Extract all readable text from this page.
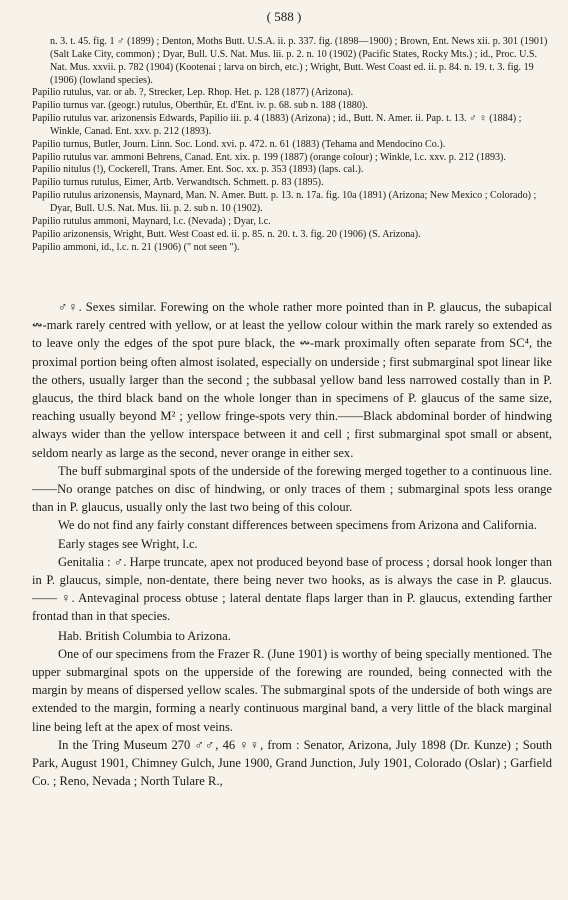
( 588 )

n. 3. t. 45. fig. 1 ♂ (1899) ; Denton, Moths Butt. U.S.A. ii. p. 337. fig. (1898—1900) ; Brown, Ent. News xii. p. 301 (1901) (Salt Lake City, common) ; Dyar, Bull. U.S. Nat. Mus. lii. p. 2. n. 10 (1902) (Pacific States, Rocky Mts.) ; id., Proc. U.S. Nat. Mus. xxvii. p. 782 (1904) (Kootenai ; larva on birch, etc.) ; Wright, Butt. West Coast ed. ii. p. 84. n. 19. t. 3. fig. 19 (1906) (lowland species).

Papilio rutulus, var. or ab. ?, Strecker, Lep. Rhop. Het. p. 128 (1877) (Arizona).

Papilio turnus var. (geogr.) rutulus, Oberthür, Et. d'Ent. iv. p. 68. sub n. 188 (1880).

Papilio rutulus var. arizonensis Edwards, Papilio iii. p. 4 (1883) (Arizona) ; id., Butt. N. Amer. ii. Pap. t. 13. ♂ ♀ (1884) ; Winkle, Canad. Ent. xxv. p. 212 (1893).

Papilio turnus, Butler, Journ. Linn. Soc. Lond. xvi. p. 472. n. 61 (1883) (Tehama and Mendocino Co.).

Papilio rutulus var. ammoni Behrens, Canad. Ent. xix. p. 199 (1887) (orange colour) ; Winkle, l.c. xxv. p. 212 (1893).

Papilio nitulus (!), Cockerell, Trans. Amer. Ent. Soc. xx. p. 353 (1893) (laps. cal.).

Papilio turnus rutulus, Eimer, Artb. Verwandtsch. Schmett. p. 83 (1895).

Papilio rutulus arizonensis, Maynard, Man. N. Amer. Butt. p. 13. n. 17a. fig. 10a (1891) (Arizona; New Mexico ; Colorado) ; Dyar, Bull. U.S. Nat. Mus. lii. p. 2. sub n. 10 (1902).

Papilio rutulus ammoni, Maynard, l.c. (Nevada) ; Dyar, l.c.

Papilio arizonensis, Wright, Butt. West Coast ed. ii. p. 85. n. 20. t. 3. fig. 20 (1906) (S. Arizona).

Papilio ammoni, id., l.c. n. 21 (1906) (" not seen ").

♂♀. Sexes similar. Forewing on the whole rather more pointed than in P. glaucus, the subapical ↭-mark rarely centred with yellow, or at least the yellow colour within the mark rarely so extended as to leave only the edges of the spot pure black, the ↭-mark proximally often separate from SC⁴, the proximal portion being often almost isolated, especially on underside ; first submarginal spot linear like the others, usually larger than the second ; the subbasal yellow band less narrowed costally than in P. glaucus, the third black band on the whole longer than in specimens of P. glaucus of the same size, reaching usually beyond M² ; yellow fringe-spots very thin.——Black abdominal border of hindwing always wider than the yellow interspace between it and cell ; first submarginal spot small or absent, seldom nearly as large as the second, never orange in either sex.

The buff submarginal spots of the underside of the forewing merged together to a continuous line.——No orange patches on disc of hindwing, or only traces of them ; submarginal spots less orange than in P. glaucus, usually only the last two being of this colour.

We do not find any fairly constant differences between specimens from Arizona and California.

Early stages see Wright, l.c.

Genitalia : ♂. Harpe truncate, apex not produced beyond base of process ; dorsal hook longer than in P. glaucus, simple, non-dentate, there being never two hooks, as is always the case in P. glaucus.—— ♀. Antevaginal process obtuse ; lateral dentate flaps larger than in P. glaucus, extending farther frontad than in that species.

Hab. British Columbia to Arizona.

One of our specimens from the Frazer R. (June 1901) is worthy of being specially mentioned. The upper submarginal spots on the upperside of the forewing are rounded, being connected with the margin by means of dispersed yellow scales. The submarginal spots of the underside of both wings are extended to the margin, forming a nearly continuous marginal band, a very little of the black marginal line being left at the apex of most veins.

In the Tring Museum 270 ♂♂, 46 ♀♀, from : Senator, Arizona, July 1898 (Dr. Kunze) ; South Park, August 1901, Chimney Gulch, June 1900, Grand Junction, July 1901, Colorado (Oslar) ; Garfield Co. ; Reno, Nevada ; North Tulare R.,
